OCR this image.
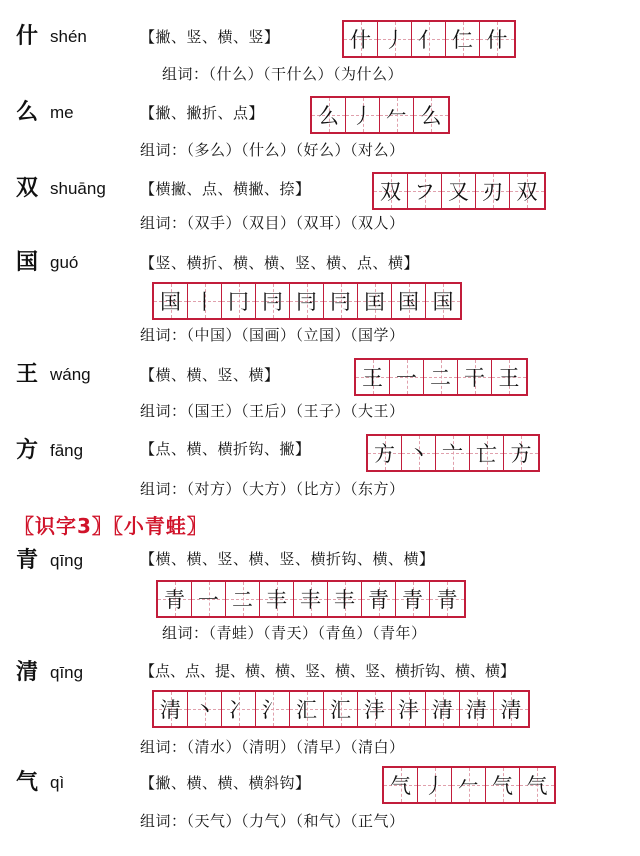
什 shén	【撇、竖、横、竖】	什 丿 亻 仁 什
组词：（什么）（干什么）（为什么）
么 me	【撇、撇折、点】	么 丿 𠂉 么
组词：（多么）（什么）（好么）（对么）
双 shuāng 【横撇、点、横撇、捺】	双 フ 又 刃 双
组词：（双手）（双目）（双耳）（双人）
国 guó	【竖、横折、横、横、竖、横、点、横】
国 丨 冂 冃 冃 冃 囯 国 国
组词：（中国）（国画）（立国）（国学）
王 wáng	【横、横、竖、横】	王 一 二 干 王
组词：（国王）（王后）（王子）（大王）
方 fāng	【点、横、横折钩、撇】	方 丶 亠 亡 方
组词：（对方）（大方）（比方）（东方）
〖识字3〗〖小青蛙〗
青 qīng	【横、横、竖、横、竖、横折钩、横、横】
青 一 二 丰 丰 丰 青 青 青
组词：（青蛙）（青天）（青鱼）（青年）
清 qīng	【点、点、提、横、横、竖、横、竖、横折钩、横、横】
清 丶 冫 氵 汇 汇 沣 沣 清 清 清
组词：（清水）（清明）（清早）（清白）
气 qì	【撇、横、横、横斜钩】	气 丿 𠂉 气 气
组词：（天气）（力气）（和气）（正气）
